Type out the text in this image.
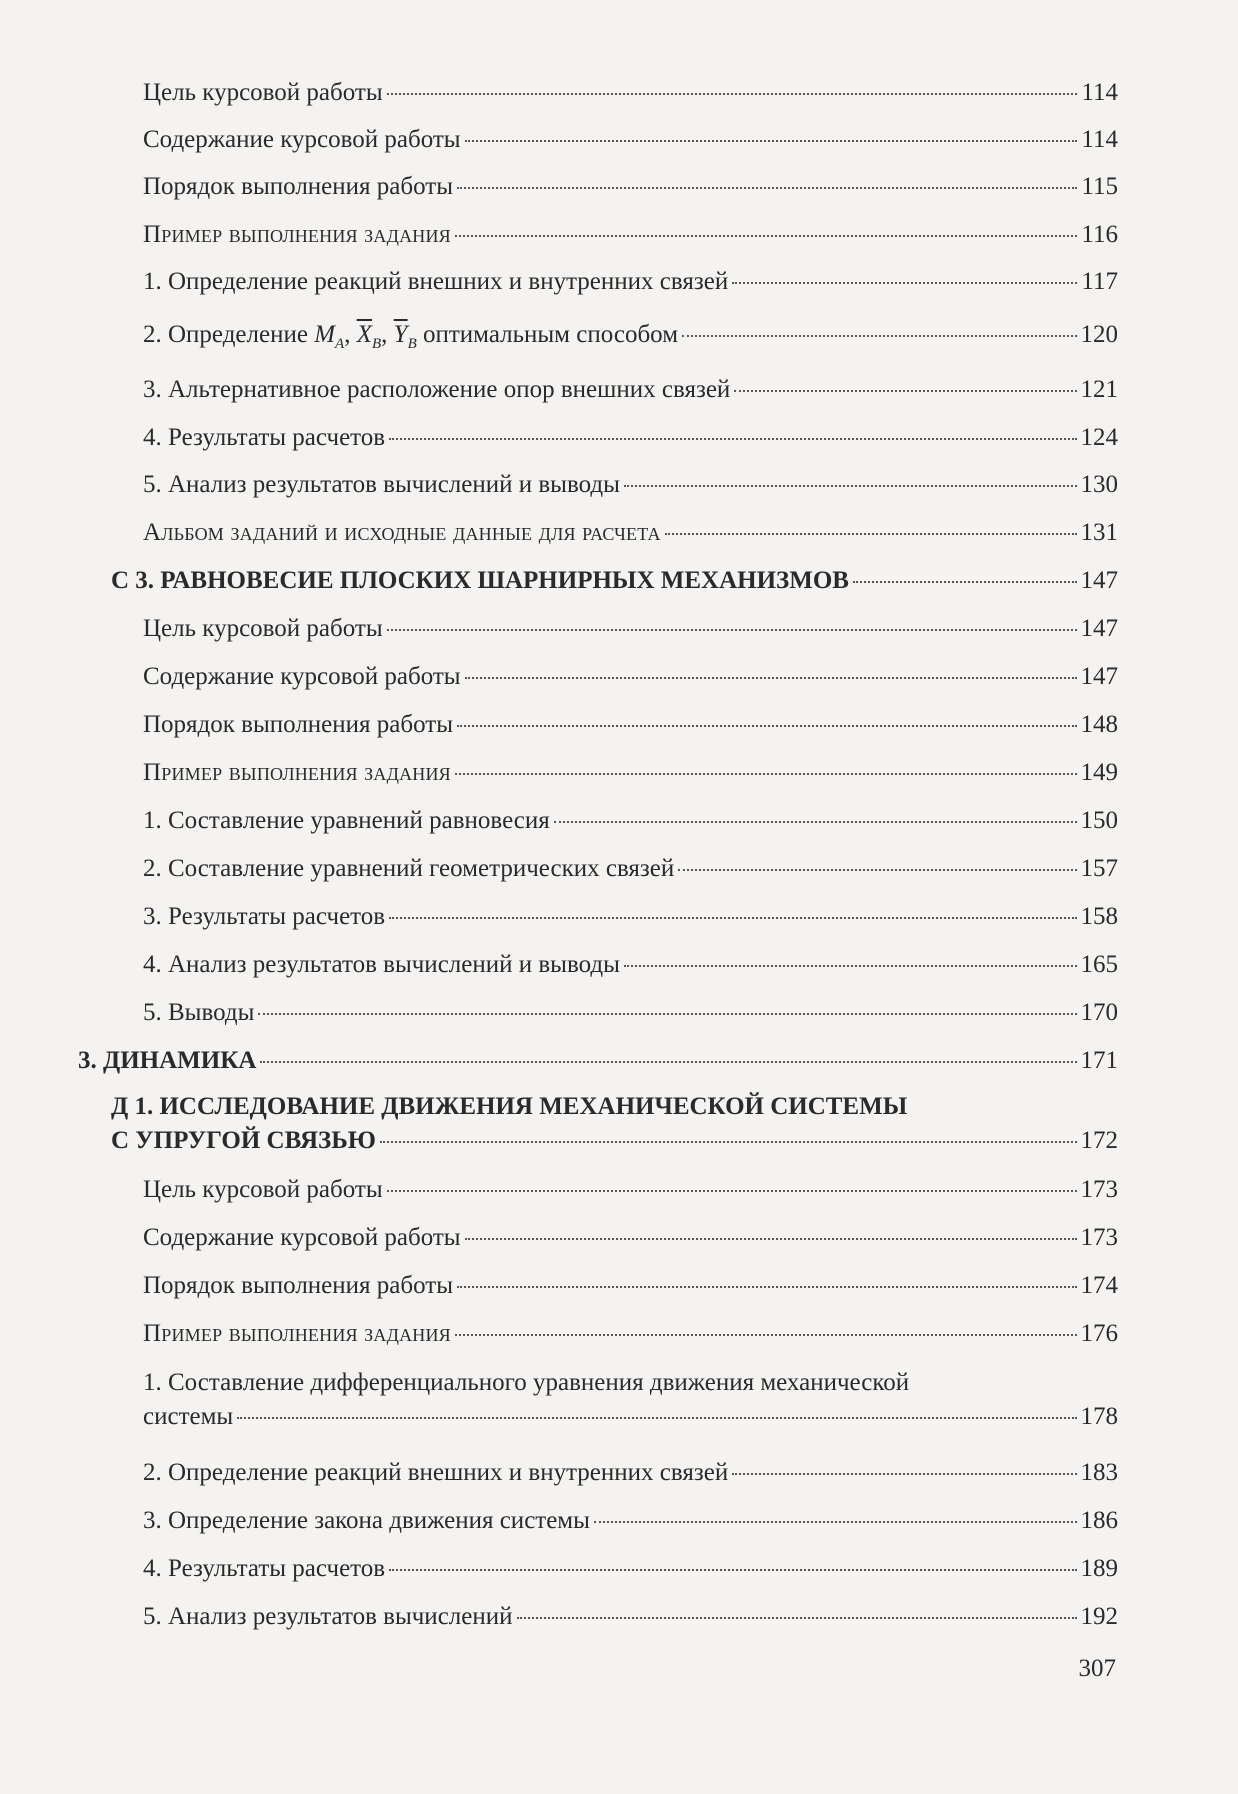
Цель курсовой работы	114
Содержание курсовой работы	114
Порядок выполнения работы	115
Пример выполнения задания	116
1. Определение реакций внешних и внутренних связей	117
2. Определение $M_A$, $\overline{X}_B$, $\overline{Y}_B$ оптимальным способом	120
3. Альтернативное расположение опор внешних связей	121
4. Результаты расчетов	124
5. Анализ результатов вычислений и выводы	130
Альбом заданий и исходные данные для расчета	131
С 3. РАВНОВЕСИЕ ПЛОСКИХ ШАРНИРНЫХ МЕХАНИЗМОВ	147
Цель курсовой работы	147
Содержание курсовой работы	147
Порядок выполнения работы	148
Пример выполнения задания	149
1. Составление уравнений равновесия	150
2. Составление уравнений геометрических связей	157
3. Результаты расчетов	158
4. Анализ результатов вычислений и выводы	165
5. Выводы	170
3. ДИНАМИКА	171
Д 1. ИССЛЕДОВАНИЕ ДВИЖЕНИЯ МЕХАНИЧЕСКОЙ СИСТЕМЫ
С УПРУГОЙ СВЯЗЬЮ	172
Цель курсовой работы	173
Содержание курсовой работы	173
Порядок выполнения работы	174
Пример выполнения задания	176
1. Составление дифференциального уравнения движения механической
системы	178
2. Определение реакций внешних и внутренних связей	183
3. Определение закона движения системы	186
4. Результаты расчетов	189
5. Анализ результатов вычислений	192
307
